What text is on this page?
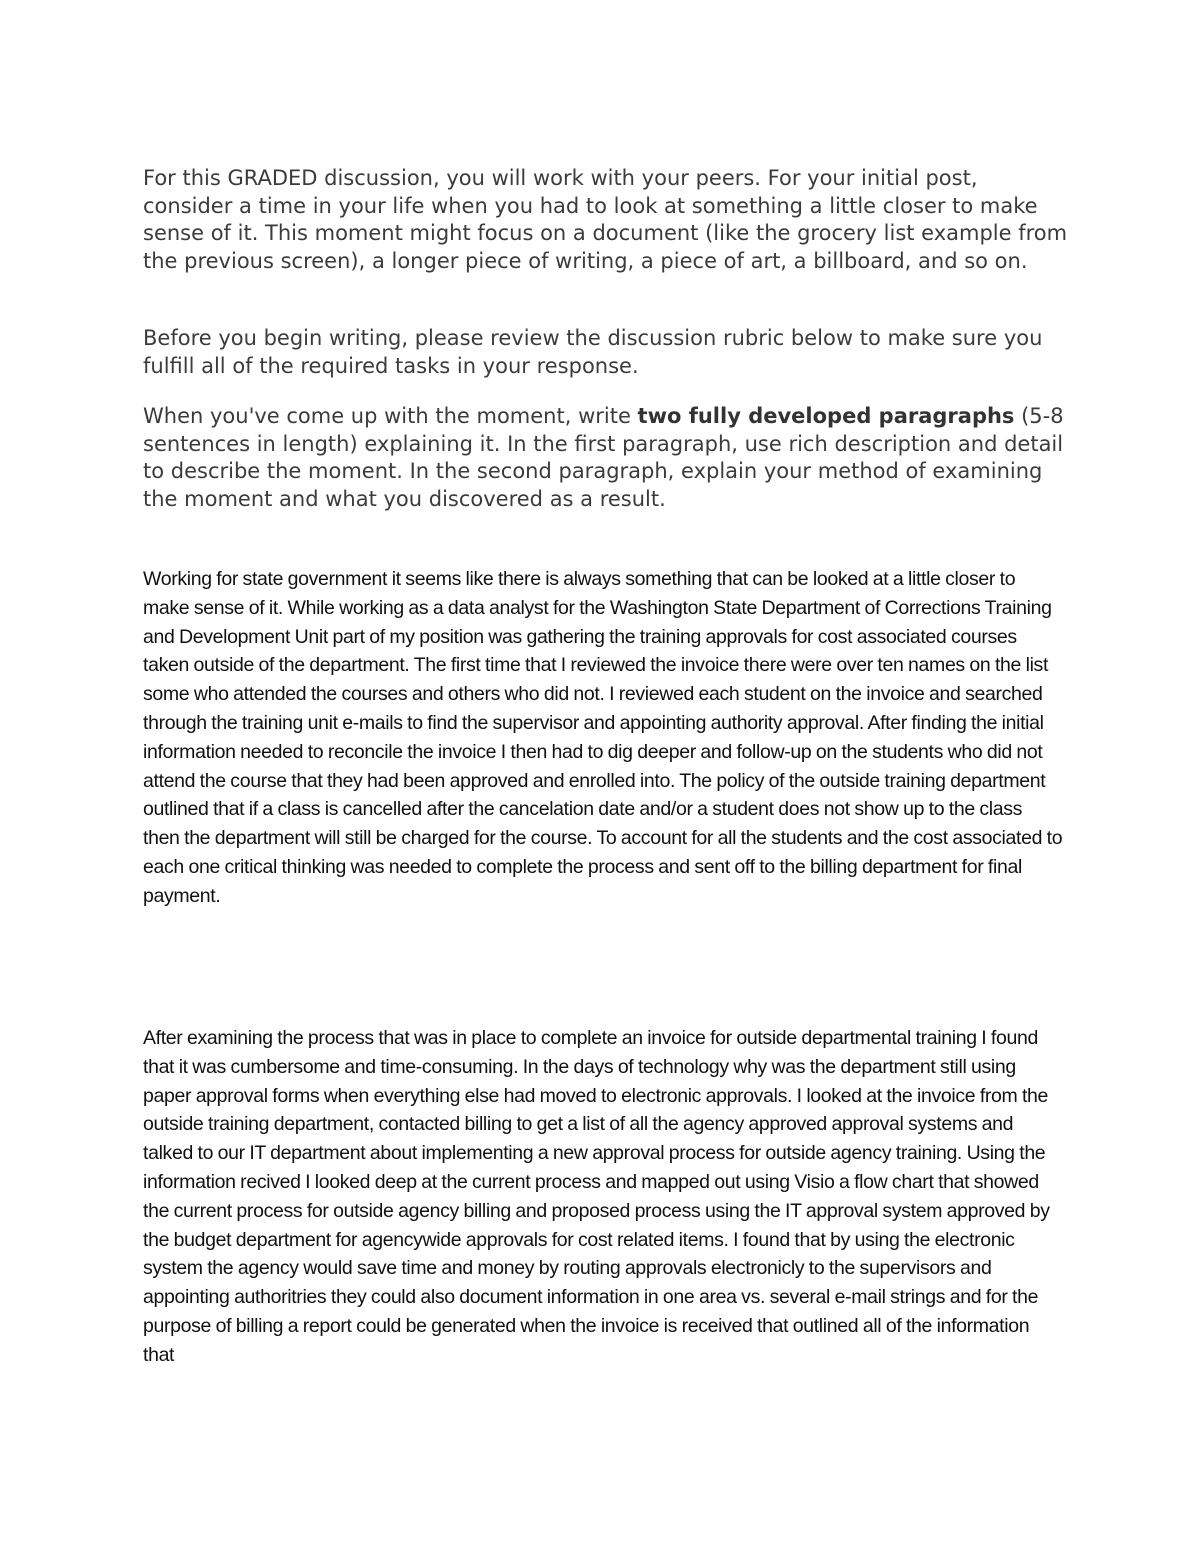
For this GRADED discussion, you will work with your peers. For your initial post, consider a time in your life when you had to look at something a little closer to make sense of it. This moment might focus on a document (like the grocery list example from the previous screen), a longer piece of writing, a piece of art, a billboard, and so on.

Before you begin writing, please review the discussion rubric below to make sure you fulfill all of the required tasks in your response.

When you've come up with the moment, write two fully developed paragraphs (5-8 sentences in length) explaining it. In the first paragraph, use rich description and detail to describe the moment. In the second paragraph, explain your method of examining the moment and what you discovered as a result.

Working for state government it seems like there is always something that can be looked at a little closer to make sense of it. While working as a data analyst for the Washington State Department of Corrections Training and Development Unit part of my position was gathering the training approvals for cost associated courses taken outside of the department. The first time that I reviewed the invoice there were over ten names on the list some who attended the courses and others who did not. I reviewed each student on the invoice and searched through the training unit e-mails to find the supervisor and appointing authority approval. After finding the initial information needed to reconcile the invoice I then had to dig deeper and follow-up on the students who did not attend the course that they had been approved and enrolled into. The policy of the outside training department outlined that if a class is cancelled after the cancelation date and/or a student does not show up to the class then the department will still be charged for the course. To account for all the students and the cost associated to each one critical thinking was needed to complete the process and sent off to the billing department for final payment.

After examining the process that was in place to complete an invoice for outside departmental training I found that it was cumbersome and time-consuming. In the days of technology why was the department still using paper approval forms when everything else had moved to electronic approvals. I looked at the invoice from the outside training department, contacted billing to get a list of all the agency approved approval systems and talked to our IT department about implementing a new approval process for outside agency training. Using the information recived I looked deep at the current process and mapped out using Visio a flow chart that showed the current process for outside agency billing and proposed process using the IT approval system approved by the budget department for agencywide approvals for cost related items. I found that by using the electronic system the agency would save time and money by routing approvals electronicly to the supervisors and appointing authoritries they could also document information in one area vs. several e-mail strings and for the purpose of billing a report could be generated when the invoice is received that outlined all of the information that
